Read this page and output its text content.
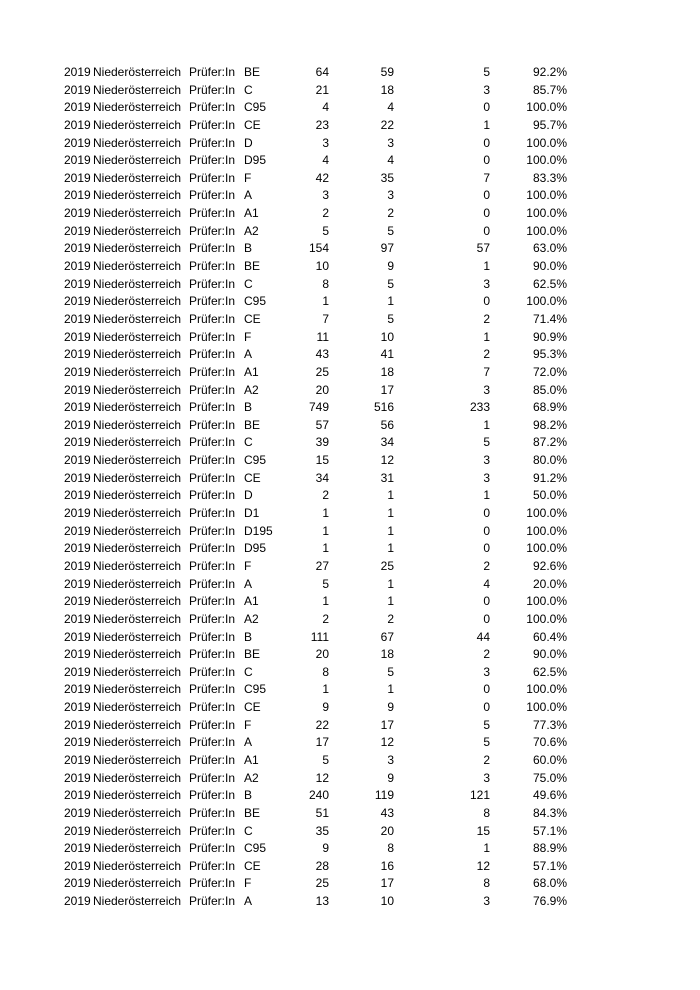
2019 Niederösterreich Prüfer:In BE	64	59	5	92.2%
2019 Niederösterreich Prüfer:In C	21	18	3	85.7%
2019 Niederösterreich Prüfer:In C95	4	4	0	100.0%
2019 Niederösterreich Prüfer:In CE	23	22	1	95.7%
2019 Niederösterreich Prüfer:In D	3	3	0	100.0%
2019 Niederösterreich Prüfer:In D95	4	4	0	100.0%
2019 Niederösterreich Prüfer:In F	42	35	7	83.3%
2019 Niederösterreich Prüfer:In A	3	3	0	100.0%
2019 Niederösterreich Prüfer:In A1	2	2	0	100.0%
2019 Niederösterreich Prüfer:In A2	5	5	0	100.0%
2019 Niederösterreich Prüfer:In B	154	97	57	63.0%
2019 Niederösterreich Prüfer:In BE	10	9	1	90.0%
2019 Niederösterreich Prüfer:In C	8	5	3	62.5%
2019 Niederösterreich Prüfer:In C95	1	1	0	100.0%
2019 Niederösterreich Prüfer:In CE	7	5	2	71.4%
2019 Niederösterreich Prüfer:In F	11	10	1	90.9%
2019 Niederösterreich Prüfer:In A	43	41	2	95.3%
2019 Niederösterreich Prüfer:In A1	25	18	7	72.0%
2019 Niederösterreich Prüfer:In A2	20	17	3	85.0%
2019 Niederösterreich Prüfer:In B	749	516	233	68.9%
2019 Niederösterreich Prüfer:In BE	57	56	1	98.2%
2019 Niederösterreich Prüfer:In C	39	34	5	87.2%
2019 Niederösterreich Prüfer:In C95	15	12	3	80.0%
2019 Niederösterreich Prüfer:In CE	34	31	3	91.2%
2019 Niederösterreich Prüfer:In D	2	1	1	50.0%
2019 Niederösterreich Prüfer:In D1	1	1	0	100.0%
2019 Niederösterreich Prüfer:In D195	1	1	0	100.0%
2019 Niederösterreich Prüfer:In D95	1	1	0	100.0%
2019 Niederösterreich Prüfer:In F	27	25	2	92.6%
2019 Niederösterreich Prüfer:In A	5	1	4	20.0%
2019 Niederösterreich Prüfer:In A1	1	1	0	100.0%
2019 Niederösterreich Prüfer:In A2	2	2	0	100.0%
2019 Niederösterreich Prüfer:In B	111	67	44	60.4%
2019 Niederösterreich Prüfer:In BE	20	18	2	90.0%
2019 Niederösterreich Prüfer:In C	8	5	3	62.5%
2019 Niederösterreich Prüfer:In C95	1	1	0	100.0%
2019 Niederösterreich Prüfer:In CE	9	9	0	100.0%
2019 Niederösterreich Prüfer:In F	22	17	5	77.3%
2019 Niederösterreich Prüfer:In A	17	12	5	70.6%
2019 Niederösterreich Prüfer:In A1	5	3	2	60.0%
2019 Niederösterreich Prüfer:In A2	12	9	3	75.0%
2019 Niederösterreich Prüfer:In B	240	119	121	49.6%
2019 Niederösterreich Prüfer:In BE	51	43	8	84.3%
2019 Niederösterreich Prüfer:In C	35	20	15	57.1%
2019 Niederösterreich Prüfer:In C95	9	8	1	88.9%
2019 Niederösterreich Prüfer:In CE	28	16	12	57.1%
2019 Niederösterreich Prüfer:In F	25	17	8	68.0%
2019 Niederösterreich Prüfer:In A	13	10	3	76.9%
